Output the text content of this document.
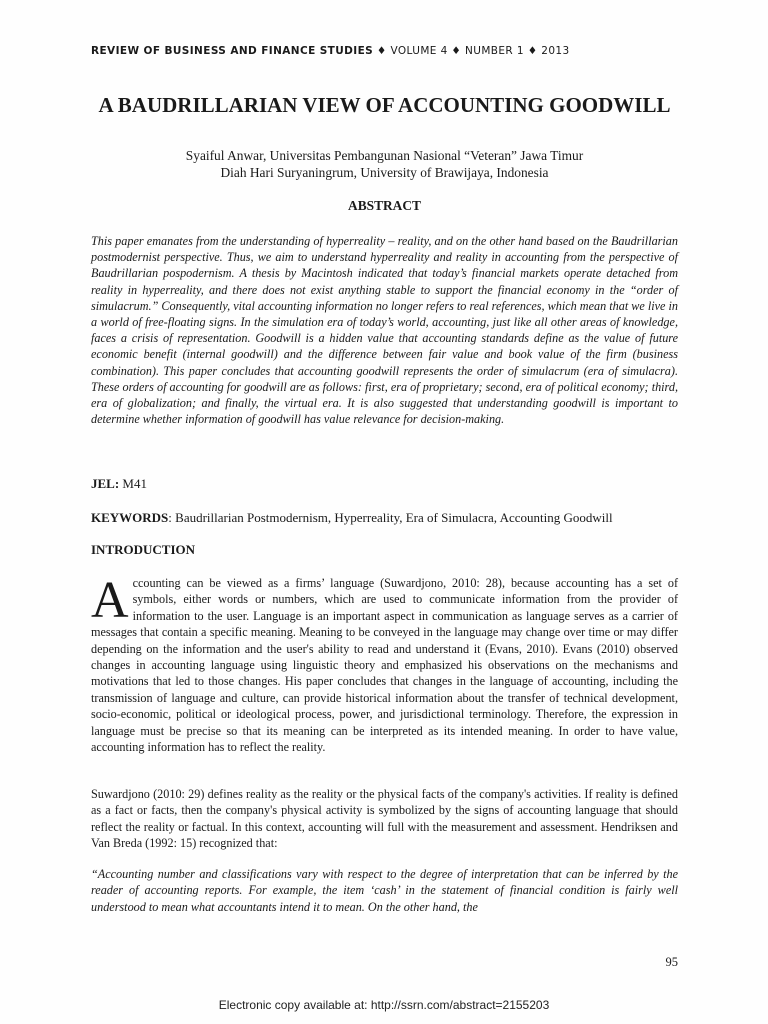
REVIEW OF BUSINESS AND FINANCE STUDIES ♦ VOLUME 4 ♦ NUMBER 1 ♦ 2013
A BAUDRILLARIAN VIEW OF ACCOUNTING GOODWILL
Syaiful Anwar, Universitas Pembangunan Nasional “Veteran” Jawa Timur
Diah Hari Suryaningrum, University of Brawijaya, Indonesia
ABSTRACT

This paper emanates from the understanding of hyperreality – reality, and on the other hand based on the Baudrillarian postmodernist perspective. Thus, we aim to understand hyperreality and reality in accounting from the perspective of Baudrillarian pospodernism. A thesis by Macintosh indicated that today’s financial markets operate detached from reality in hyperreality, and there does not exist anything stable to support the financial economy in the “order of simulacrum.” Consequently, vital accounting information no longer refers to real references, which mean that we live in a world of free-floating signs. In the simulation era of today’s world, accounting, just like all other areas of knowledge, faces a crisis of representation. Goodwill is a hidden value that accounting standards define as the value of future economic benefit (internal goodwill) and the difference between fair value and book value of the firm (business combination). This paper concludes that accounting goodwill represents the order of simulacrum (era of simulacra). These orders of accounting for goodwill are as follows: first, era of proprietary; second, era of political economy; third, era of globalization; and finally, the virtual era. It is also suggested that understanding goodwill is important to determine whether information of goodwill has value relevance for decision-making.

JEL: M41
KEYWORDS: Baudrillarian Postmodernism, Hyperreality, Era of Simulacra, Accounting Goodwill
INTRODUCTION

Accounting can be viewed as a firms’ language (Suwardjono, 2010: 28), because accounting has a set of symbols, either words or numbers, which are used to communicate information from the provider of information to the user. Language is an important aspect in communication as language serves as a carrier of messages that contain a specific meaning. Meaning to be conveyed in the language may change over time or may differ depending on the information and the user's ability to read and understand it (Evans, 2010). Evans (2010) observed changes in accounting language using linguistic theory and emphasized his observations on the mechanisms and motivations that led to those changes. His paper concludes that changes in the language of accounting, including the transmission of language and culture, can provide historical information about the transfer of technical development, socio-economic, political or ideological process, power, and jurisdictional terminology. Therefore, the expression in language must be precise so that its meaning can be interpreted as its intended meaning. In order to have value, accounting information has to reflect the reality.

Suwardjono (2010: 29) defines reality as the reality or the physical facts of the company's activities. If reality is defined as a fact or facts, then the company's physical activity is symbolized by the signs of accounting language that should reflect the reality or factual. In this context, accounting will full with the measurement and assessment. Hendriksen and Van Breda (1992: 15) recognized that:

“Accounting number and classifications vary with respect to the degree of interpretation that can be inferred by the reader of accounting reports. For example, the item ‘cash’ in the statement of financial condition is fairly well understood to mean what accountants intend it to mean. On the other hand, the

95
Electronic copy available at: http://ssrn.com/abstract=2155203
